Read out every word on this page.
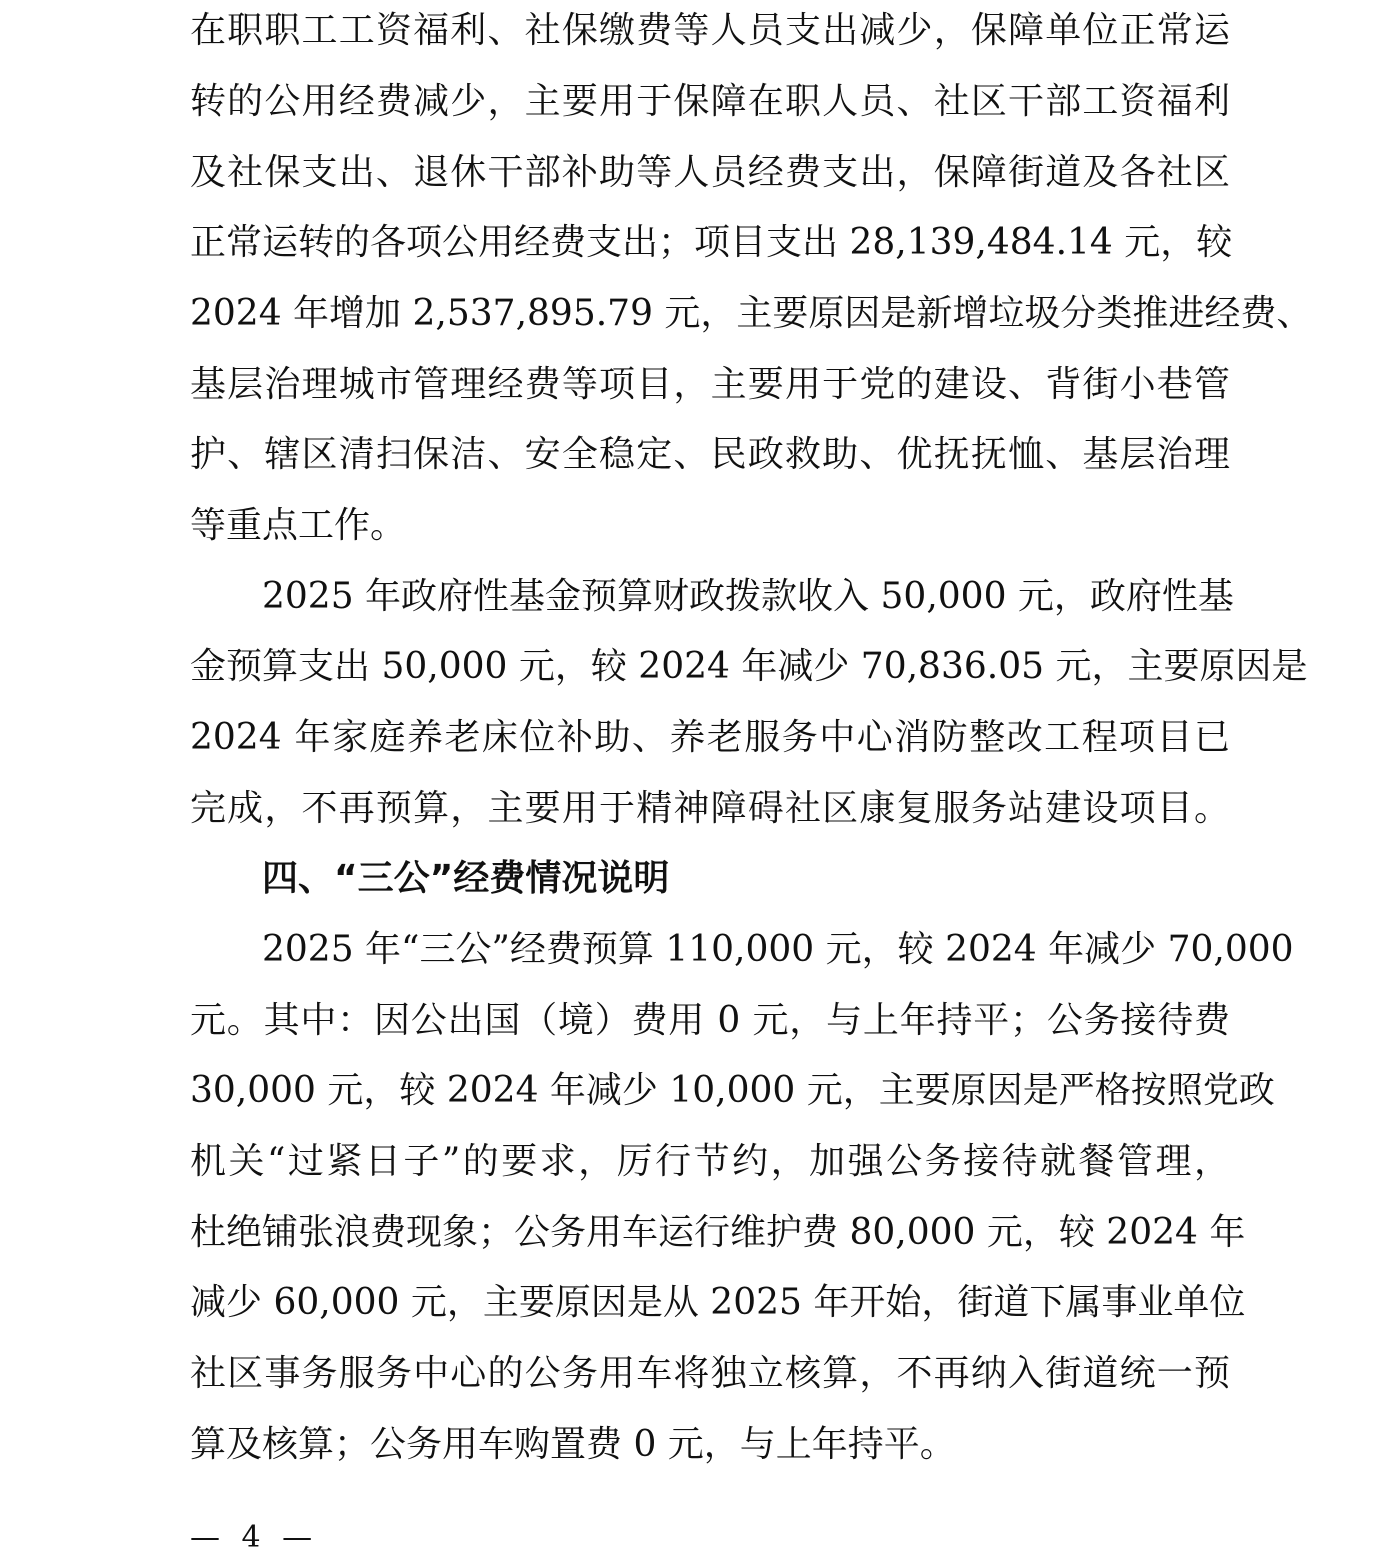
在职职工工资福利、社保缴费等人员支出减少，保障单位正常运
转的公用经费减少，主要用于保障在职人员、社区干部工资福利
及社保支出、退休干部补助等人员经费支出，保障街道及各社区
正常运转的各项公用经费支出；项目支出 28,139,484.14 元，较
2024 年增加 2,537,895.79 元，主要原因是新增垃圾分类推进经费、
基层治理城市管理经费等项目，主要用于党的建设、背街小巷管
护、辖区清扫保洁、安全稳定、民政救助、优抚抚恤、基层治理
等重点工作。
2025 年政府性基金预算财政拨款收入 50,000 元，政府性基
金预算支出 50,000 元，较 2024 年减少 70,836.05 元，主要原因是
2024 年家庭养老床位补助、养老服务中心消防整改工程项目已
完成，不再预算，主要用于精神障碍社区康复服务站建设项目。
四、“三公”经费情况说明
2025 年“三公”经费预算 110,000 元，较 2024 年减少 70,000
元。其中：因公出国（境）费用 0 元，与上年持平；公务接待费
30,000 元，较 2024 年减少 10,000 元，主要原因是严格按照党政
机关“过紧日子”的要求，厉行节约，加强公务接待就餐管理，
杜绝铺张浪费现象；公务用车运行维护费 80,000 元，较 2024 年
减少 60,000 元，主要原因是从 2025 年开始，街道下属事业单位
社区事务服务中心的公务用车将独立核算，不再纳入街道统一预
算及核算；公务用车购置费 0 元，与上年持平。
— 4 —
